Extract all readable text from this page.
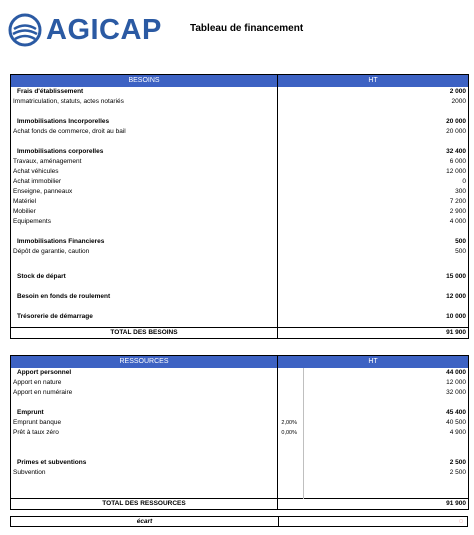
AGICAP	Tableau de financement
BESOINS	HT
Frais d'établissement	2 000
Immatriculation, statuts, actes notariés	2000

Immobilisations Incorporelles	20 000
Achat fonds de commerce, droit au bail	20 000

Immobilisations corporelles	32 400
Travaux, aménagement	6 000
Achat véhicules	12 000
Achat immobilier	0
Enseigne, panneaux	300
Matériel	7 200
Mobilier	2 900
Equipements	4 000

Immobilisations Financieres	500
Dépôt de garantie, caution	500

Stock de départ	15 000
Besoin en fonds de roulement	12 000
Trésorerie de démarrage	10 000
TOTAL DES BESOINS	91 900
RESSOURCES	HT	
Apport personnel		44 000
Apport en nature		12 000
Apport en numéraire		32 000

Emprunt		45 400
Emprunt banque	2,00%	40 500
Prêt à taux zéro	0,00%	4 900

Primes et subventions		2 500
Subvention		2 500

TOTAL DES RESSOURCES	91 900	
écart	◌
